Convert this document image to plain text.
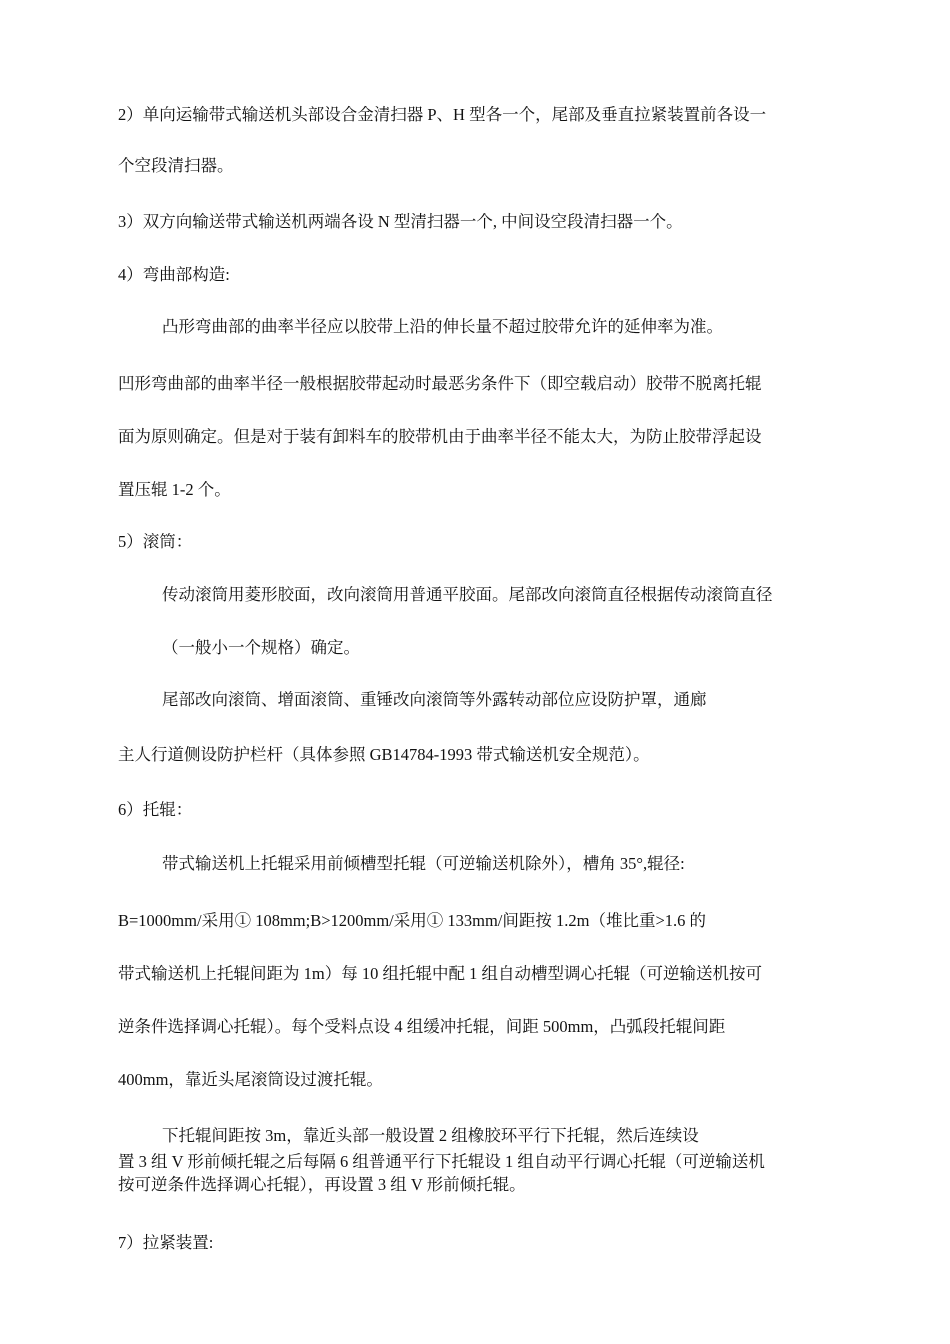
2）单向运输带式输送机头部设合金清扫器 P、H 型各一个，尾部及垂直拉紧装置前各设一
个空段清扫器。
3）双方向输送带式输送机两端各设 N 型清扫器一个, 中间设空段清扫器一个。
4）弯曲部构造:
凸形弯曲部的曲率半径应以胶带上沿的伸长量不超过胶带允许的延伸率为准。
凹形弯曲部的曲率半径一般根据胶带起动时最恶劣条件下（即空载启动）胶带不脱离托辊
面为原则确定。但是对于装有卸料车的胶带机由于曲率半径不能太大，为防止胶带浮起设
置压辊 1-2 个。
5）滚筒：
传动滚筒用菱形胶面，改向滚筒用普通平胶面。尾部改向滚筒直径根据传动滚筒直径
（一般小一个规格）确定。
尾部改向滚筒、增面滚筒、重锤改向滚筒等外露转动部位应设防护罩，通廊
主人行道侧设防护栏杆（具体参照 GB14784-1993 带式输送机安全规范）。
6）托辊：
带式输送机上托辊采用前倾槽型托辊（可逆输送机除外），槽角 35°,辊径:
B=1000mm/采用① 108mm;B>1200mm/采用① 133mm/间距按 1.2m（堆比重>1.6 的
带式输送机上托辊间距为 1m）每 10 组托辊中配 1 组自动槽型调心托辊（可逆输送机按可
逆条件选择调心托辊）。每个受料点设 4 组缓冲托辊，间距 500mm，凸弧段托辊间距
400mm，靠近头尾滚筒设过渡托辊。
下托辊间距按 3m，靠近头部一般设置 2 组橡胶环平行下托辊，然后连续设
置 3 组 V 形前倾托辊之后每隔 6 组普通平行下托辊设 1 组自动平行调心托辊（可逆输送机
按可逆条件选择调心托辊），再设置 3 组 V 形前倾托辊。
7）拉紧装置:
